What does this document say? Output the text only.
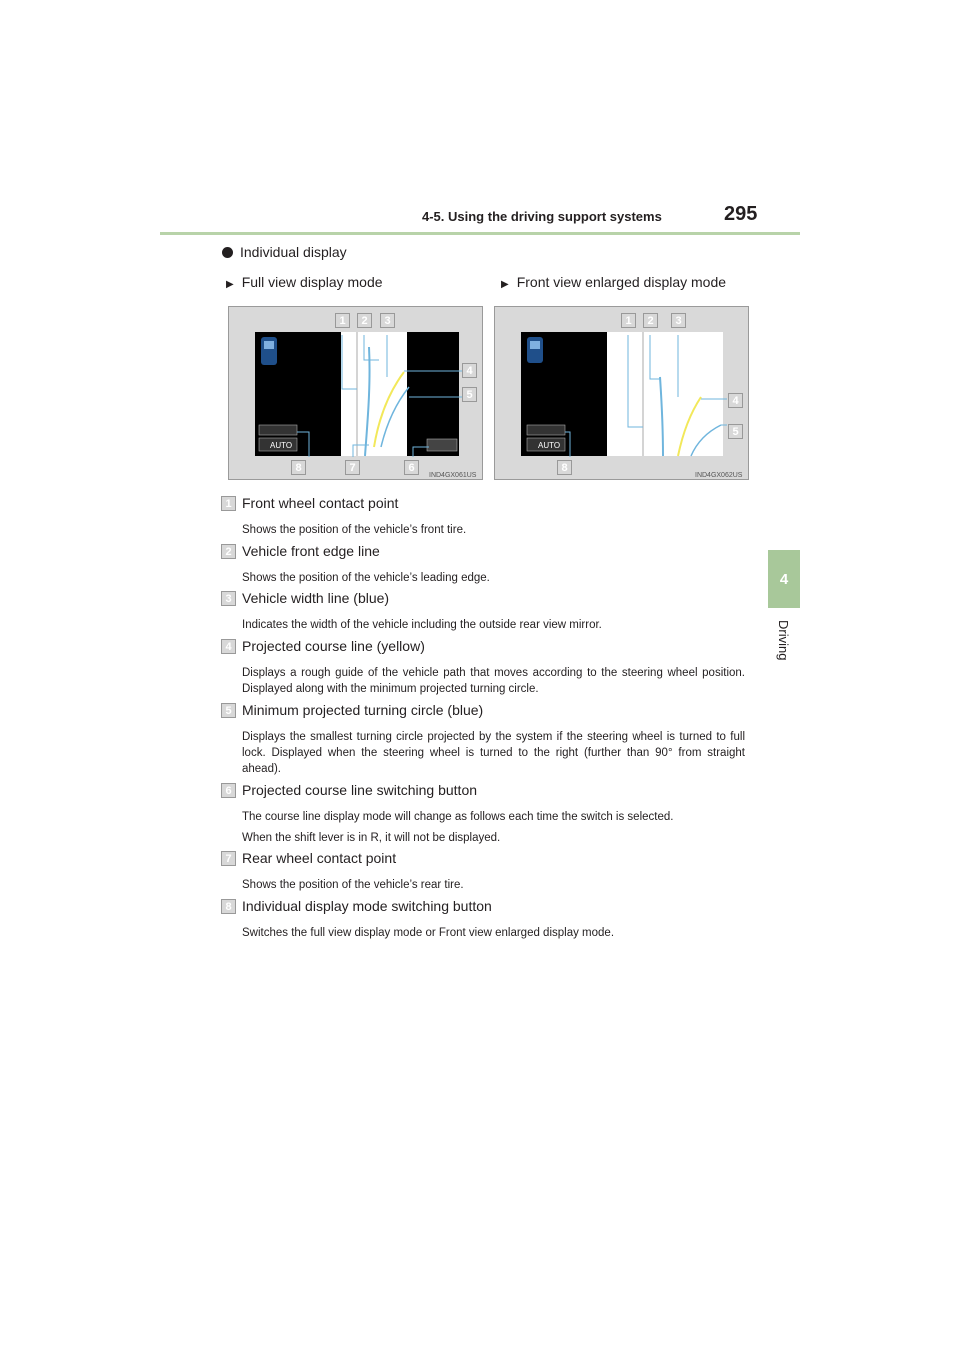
4-5. Using the driving support systems	295
4
Driving
Individual display
▶ Full view display mode	▶ Front view enlarged display mode
AUTO
IND4GX061US
1	2	3
4
5
8	7	6
AUTO
IND4GX062US
1	2	3
4
5
8
1 Front wheel contact point
Shows the position of the vehicle’s front tire.
2 Vehicle front edge line
Shows the position of the vehicle’s leading edge.
3 Vehicle width line (blue)
Indicates the width of the vehicle including the outside rear view mirror.
4 Projected course line (yellow)
Displays a rough guide of the vehicle path that moves according to the steering wheel position. Displayed along with the minimum projected turning circle.
5 Minimum projected turning circle (blue)
Displays the smallest turning circle projected by the system if the steering wheel is turned to full lock. Displayed when the steering wheel is turned to the right (further than 90° from straight ahead).
6 Projected course line switching button
The course line display mode will change as follows each time the switch is selected.
When the shift lever is in R, it will not be displayed.
7 Rear wheel contact point
Shows the position of the vehicle’s rear tire.
8 Individual display mode switching button
Switches the full view display mode or Front view enlarged display mode.
